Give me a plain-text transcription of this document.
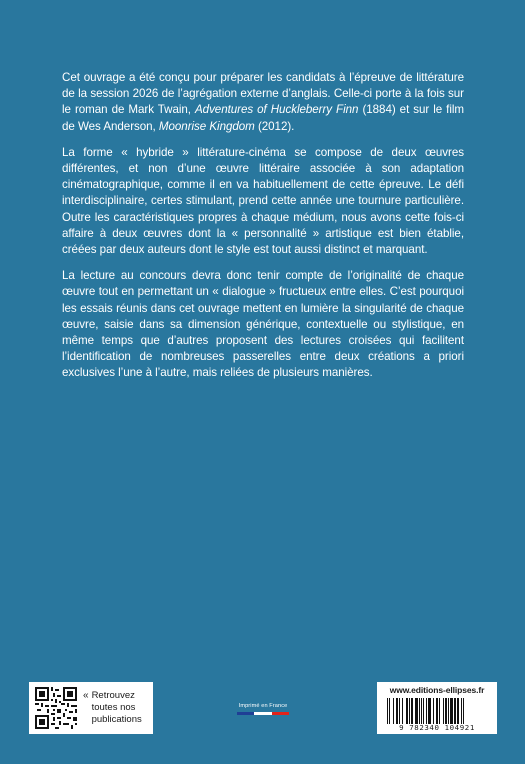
Cet ouvrage a été conçu pour préparer les candidats à l’épreuve de littérature de la session 2026 de l’agrégation externe d’anglais. Celle-ci porte à la fois sur le roman de Mark Twain, Adventures of Huckleberry Finn (1884) et sur le film de Wes Anderson, Moonrise Kingdom (2012).

La forme « hybride » littérature-cinéma se compose de deux œuvres différentes, et non d’une œuvre littéraire associée à son adaptation cinématographique, comme il en va habituellement de cette épreuve. Le défi interdisciplinaire, certes stimulant, prend cette année une tournure particulière. Outre les caractéristiques propres à chaque médium, nous avons cette fois-ci affaire à deux œuvres dont la « personnalité » artistique est bien établie, créées par deux auteurs dont le style est tout aussi distinct et marquant.

La lecture au concours devra donc tenir compte de l’originalité de chaque œuvre tout en permettant un « dialogue » fructueux entre elles. C’est pourquoi les essais réunis dans cet ouvrage mettent en lumière la singularité de chaque œuvre, saisie dans sa dimension générique, contextuelle ou stylistique, en même temps que d’autres proposent des lectures croisées qui facilitent l’identification de nombreuses passerelles entre deux créations a priori exclusives l’une à l’autre, mais reliées de plusieurs manières.

« Retrouvez
toutes nos
publications
Imprimé en France
www.editions-ellipses.fr
9 782340 104921
